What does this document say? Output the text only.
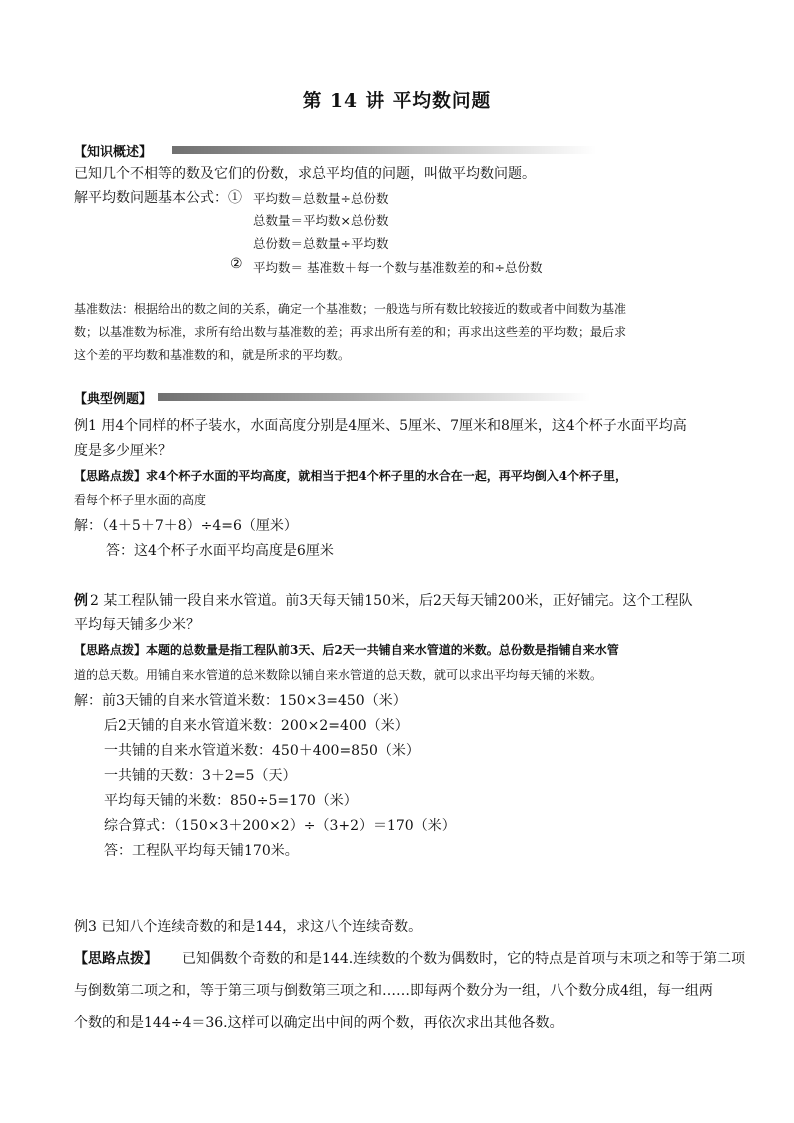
第 14 讲 平均数问题
【知识概述】
已知几个不相等的数及它们的份数，求总平均值的问题，叫做平均数问题。
解平均数问题基本公式：① 平均数＝总数量÷总份数
总数量＝平均数×总份数
总份数＝总数量÷平均数
② 平均数＝ 基准数＋每一个数与基准数差的和÷总份数
基准数法：根据给出的数之间的关系，确定一个基准数；一般选与所有数比较接近的数或者中间数为基准
数；以基准数为标准，求所有给出数与基准数的差；再求出所有差的和；再求出这些差的平均数；最后求
这个差的平均数和基准数的和，就是所求的平均数。
【典型例题】
例1 用4个同样的杯子装水，水面高度分别是4厘米、5厘米、7厘米和8厘米，这4个杯子水面平均高
度是多少厘米？
【思路点拨】求4个杯子水面的平均高度，就相当于把4个杯子里的水合在一起，再平均倒入4个杯子里，
看每个杯子里水面的高度
解：（4＋5＋7＋8）÷4=6（厘米）
答：这4个杯子水面平均高度是6厘米
例 2 某工程队铺一段自来水管道。前3天每天铺150米，后2天每天铺200米，正好铺完。这个工程队
平均每天铺多少米？
【思路点拨】本题的总数量是指工程队前3天、后2天一共铺自来水管道的米数。总份数是指铺自来水管
道的总天数。用铺自来水管道的总米数除以铺自来水管道的总天数，就可以求出平均每天铺的米数。
解：前3天铺的自来水管道米数：150×3=450（米）
后2天铺的自来水管道米数：200×2=400（米）
一共铺的自来水管道米数：450＋400=850（米）
一共铺的天数：3＋2=5（天）
平均每天铺的米数：850÷5=170（米）
综合算式：（150×3＋200×2）÷（3+2）＝170（米）
答：工程队平均每天铺170米。
例3 已知八个连续奇数的和是144，求这八个连续奇数。
【思路点拨】 已知偶数个奇数的和是144.连续数的个数为偶数时，它的特点是首项与末项之和等于第二项
与倒数第二项之和，等于第三项与倒数第三项之和……即每两个数分为一组，八个数分成4组，每一组两
个数的和是144÷4＝36.这样可以确定出中间的两个数，再依次求出其他各数。
